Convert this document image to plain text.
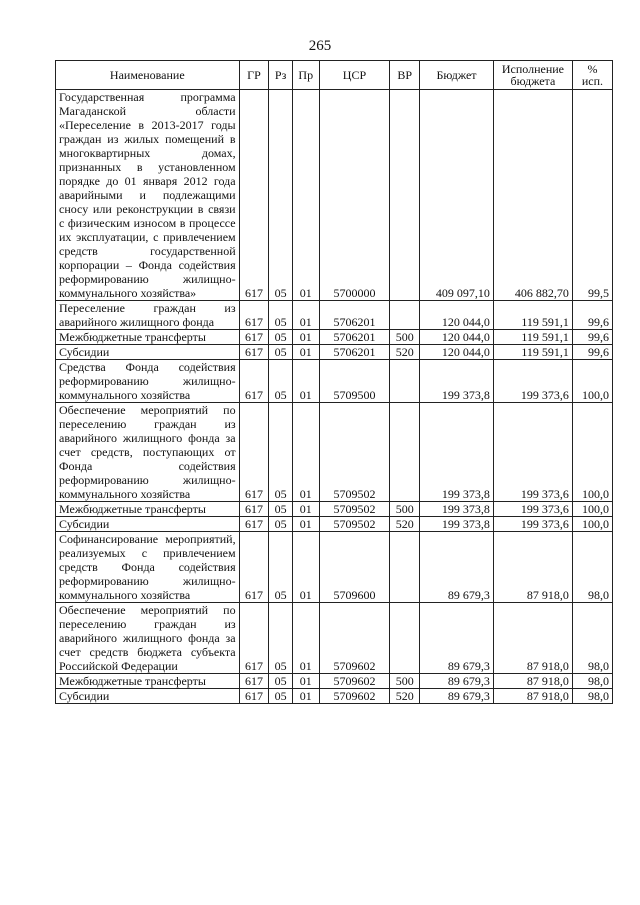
265
Наименование	ГР	Рз	Пр	ЦСР	ВР	Бюджет	Исполнение бюджета	% исп.
Государственная программа Магаданской области «Переселение в 2013-2017 годы граждан из жилых помещений в многоквартирных домах, признанных в установленном порядке до 01 января 2012 года аварийными и подлежащими сносу или реконструкции в связи с физическим износом в процессе их эксплуатации, с привлечением средств государственной корпорации – Фонда содействия реформированию жилищно-коммунального хозяйства»	617	05	01	5700000		409 097,10	406 882,70	99,5
Переселение граждан из аварийного жилищного фонда	617	05	01	5706201		120 044,0	119 591,1	99,6
Межбюджетные трансферты	617	05	01	5706201	500	120 044,0	119 591,1	99,6
Субсидии	617	05	01	5706201	520	120 044,0	119 591,1	99,6
Средства Фонда содействия реформированию жилищно-коммунального хозяйства	617	05	01	5709500		199 373,8	199 373,6	100,0
Обеспечение мероприятий по переселению граждан из аварийного жилищного фонда за счет средств, поступающих от Фонда содействия реформированию жилищно-коммунального хозяйства	617	05	01	5709502		199 373,8	199 373,6	100,0
Межбюджетные трансферты	617	05	01	5709502	500	199 373,8	199 373,6	100,0
Субсидии	617	05	01	5709502	520	199 373,8	199 373,6	100,0
Софинансирование мероприятий, реализуемых с привлечением средств Фонда содействия реформированию жилищно-коммунального хозяйства	617	05	01	5709600		89 679,3	87 918,0	98,0
Обеспечение мероприятий по переселению граждан из аварийного жилищного фонда за счет средств бюджета субъекта Российской Федерации	617	05	01	5709602		89 679,3	87 918,0	98,0
Межбюджетные трансферты	617	05	01	5709602	500	89 679,3	87 918,0	98,0
Субсидии	617	05	01	5709602	520	89 679,3	87 918,0	98,0
